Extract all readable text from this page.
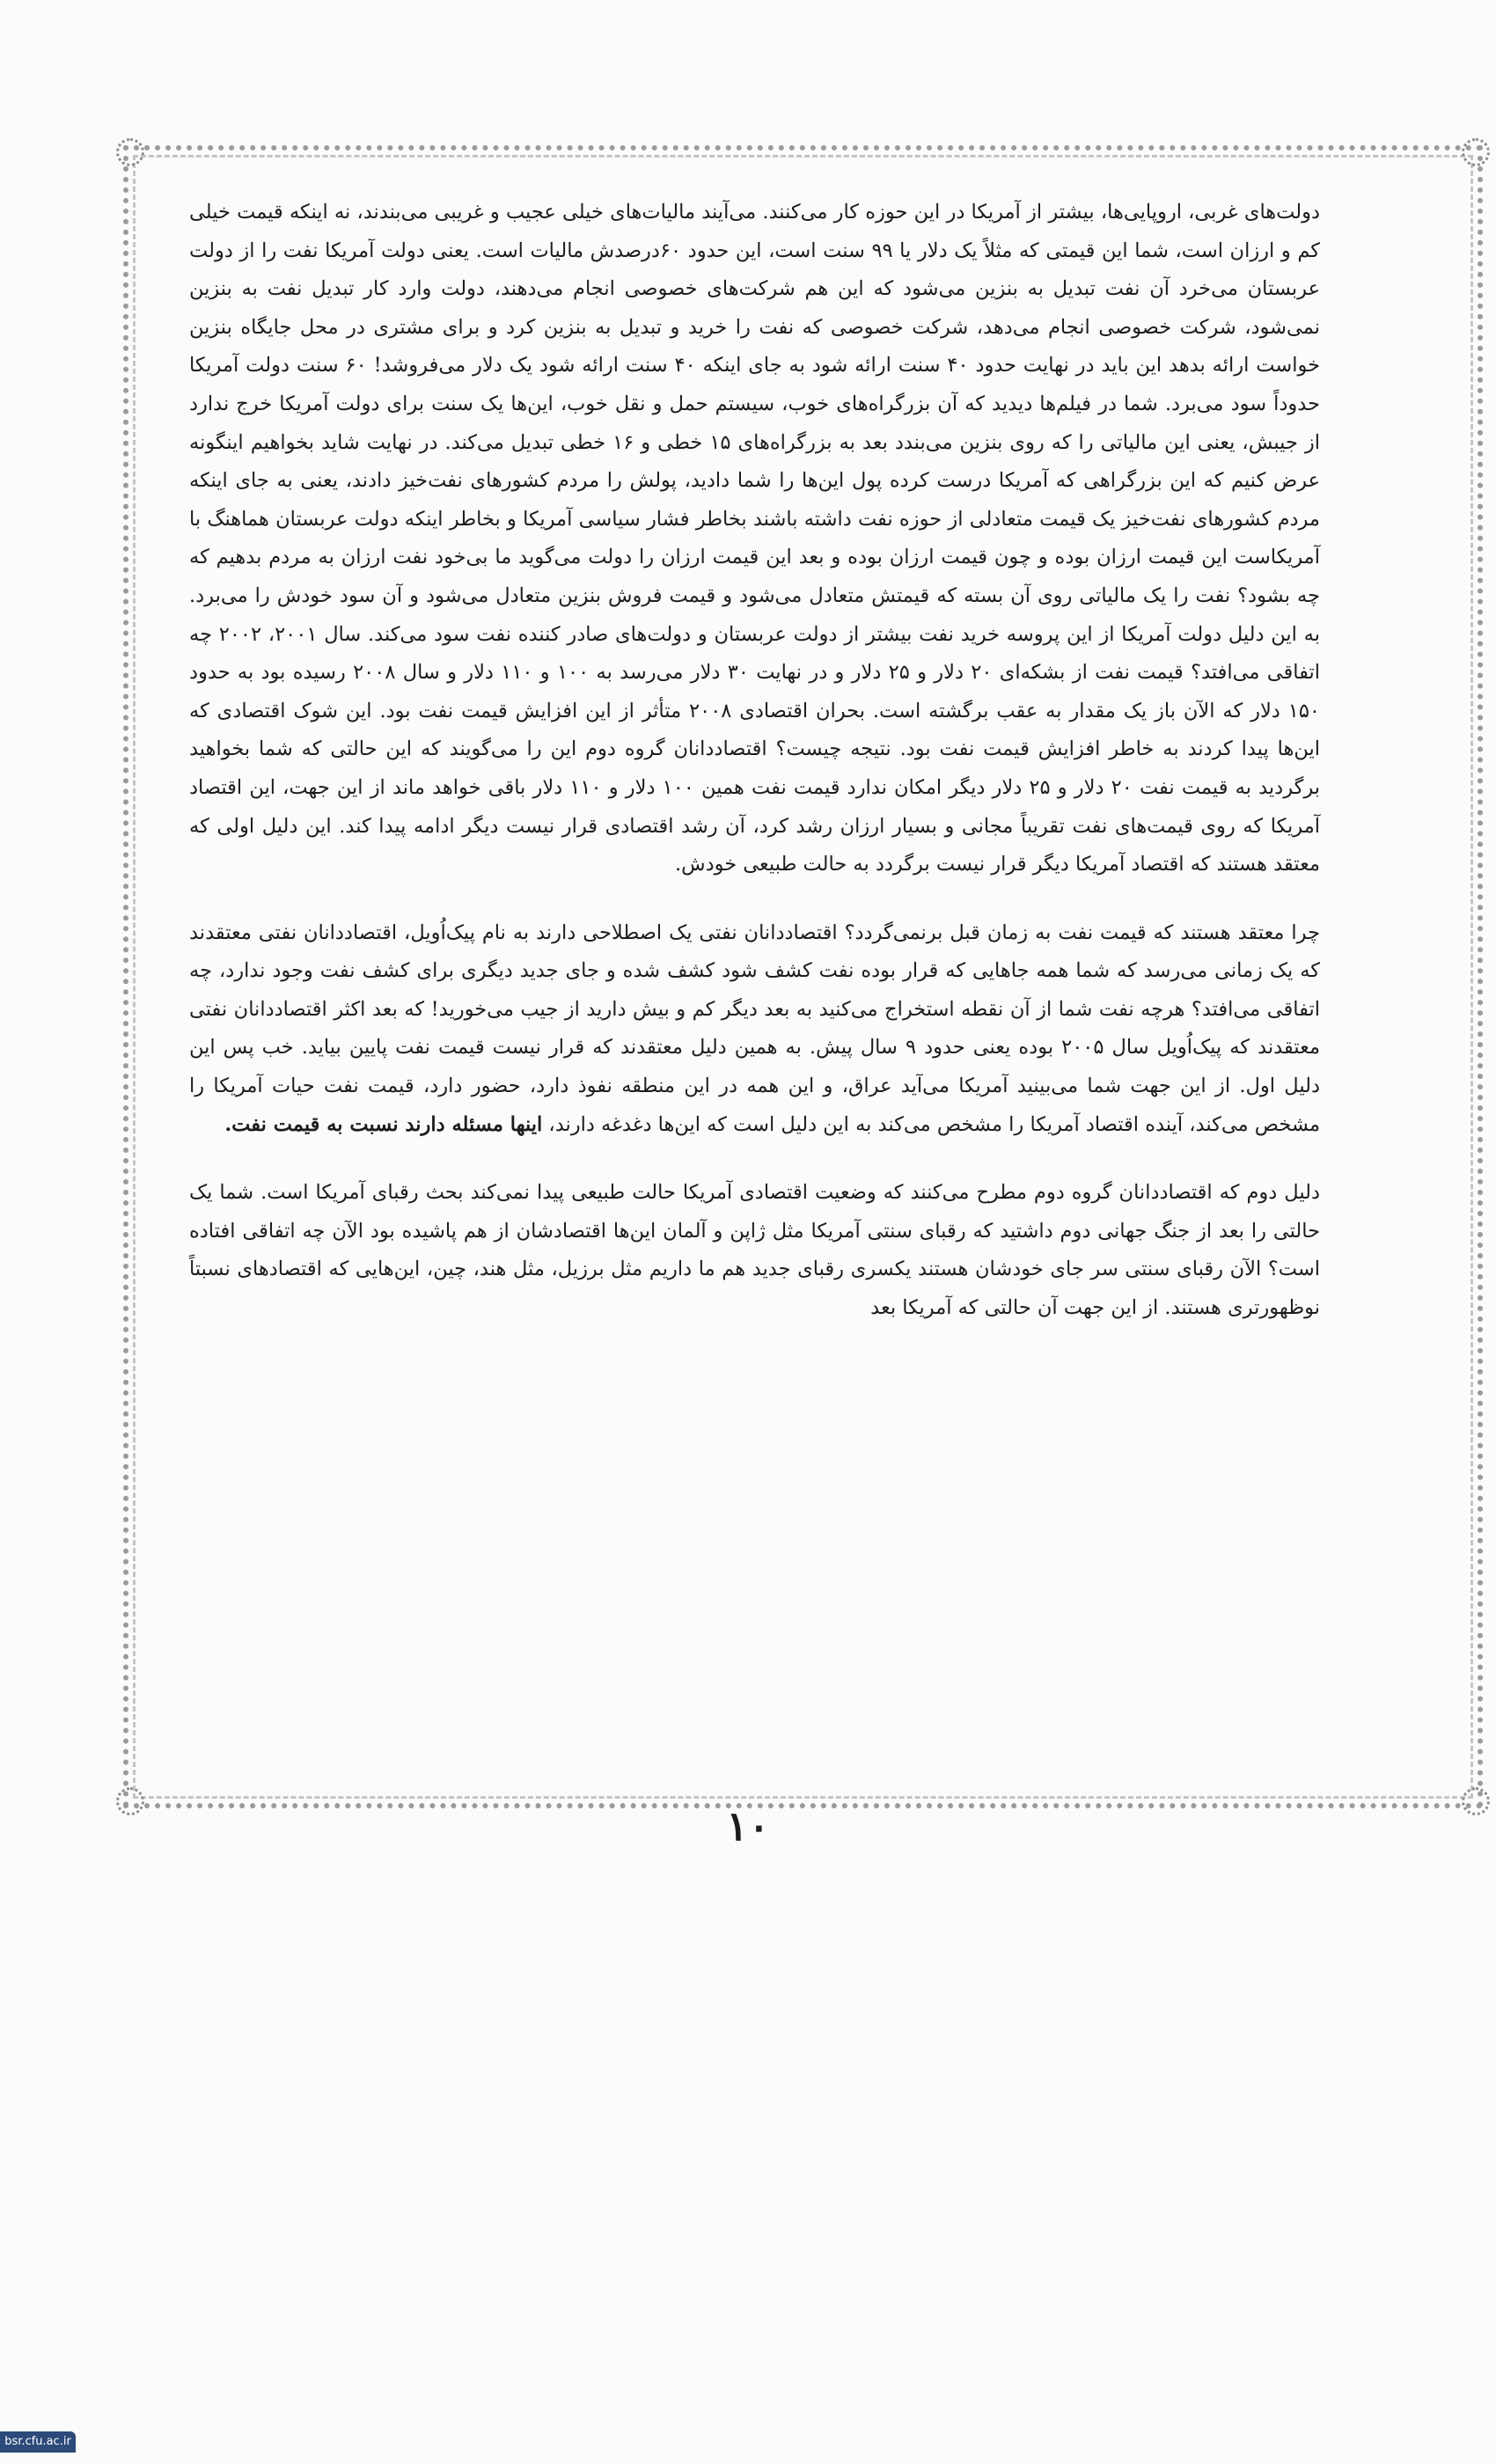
دولت‌های غربی، اروپایی‌ها، بیشتر از آمریکا در این حوزه کار می‌کنند. می‌آیند مالیات‌های خیلی عجیب و غریبی می‌بندند، نه اینکه قیمت خیلی کم و ارزان است، شما این قیمتی که مثلاً یک دلار یا ۹۹ سنت است، این حدود ۶۰درصدش مالیات است. یعنی دولت آمریکا نفت را از دولت عربستان می‌خرد آن نفت تبدیل به بنزین می‌شود که این هم شرکت‌های خصوصی انجام می‌دهند، دولت وارد کار تبدیل نفت به بنزین نمی‌شود، شرکت خصوصی انجام می‌دهد، شرکت خصوصی که نفت را خرید و تبدیل به بنزین کرد و برای مشتری در محل جایگاه بنزین خواست ارائه بدهد این باید در نهایت حدود ۴۰ سنت ارائه شود به جای اینکه ۴۰ سنت ارائه شود یک دلار می‌فروشد! ۶۰ سنت دولت آمریکا حدوداً سود می‌برد. شما در فیلم‌ها دیدید که آن بزرگراه‌های خوب، سیستم حمل و نقل خوب، این‌ها یک سنت برای دولت آمریکا خرج ندارد از جیبش، یعنی این مالیاتی را که روی بنزین می‌بندد بعد به بزرگراه‌های ۱۵ خطی و ۱۶ خطی تبدیل می‌کند. در نهایت شاید بخواهیم اینگونه عرض کنیم که این بزرگراهی که آمریکا درست کرده پول این‌ها را شما دادید، پولش را مردم کشورهای نفت‌خیز دادند، یعنی به جای اینکه مردم کشورهای نفت‌خیز یک قیمت متعادلی از حوزه نفت داشته باشند بخاطر فشار سیاسی آمریکا و بخاطر اینکه دولت عربستان هماهنگ با آمریکاست این قیمت ارزان بوده و چون قیمت ارزان بوده و بعد این قیمت ارزان را دولت می‌گوید ما بی‌خود نفت ارزان به مردم بدهیم که چه بشود؟ نفت را یک مالیاتی روی آن بسته که قیمتش متعادل می‌شود و قیمت فروش بنزین متعادل می‌شود و آن سود خودش را می‌برد. به این دلیل دولت آمریکا از این پروسه خرید نفت بیشتر از دولت عربستان و دولت‌های صادر کننده نفت سود می‌کند. سال ۲۰۰۱، ۲۰۰۲ چه اتفاقی می‌افتد؟ قیمت نفت از بشکه‌ای ۲۰ دلار و ۲۵ دلار و در نهایت ۳۰ دلار می‌رسد به ۱۰۰ و ۱۱۰ دلار و سال ۲۰۰۸ رسیده بود به حدود ۱۵۰ دلار که الآن باز یک مقدار به عقب برگشته است. بحران اقتصادی ۲۰۰۸ متأثر از این افزایش قیمت نفت بود. این شوک اقتصادی که این‌ها پیدا کردند به خاطر افزایش قیمت نفت بود. نتیجه چیست؟ اقتصاددانان گروه دوم این را می‌گویند که این حالتی که شما بخواهید برگردید به قیمت نفت ۲۰ دلار و ۲۵ دلار دیگر امکان ندارد قیمت نفت همین ۱۰۰ دلار و ۱۱۰ دلار باقی خواهد ماند از این جهت، این اقتصاد آمریکا که روی قیمت‌های نفت تقریباً مجانی و بسیار ارزان رشد کرد، آن رشد اقتصادی قرار نیست دیگر ادامه پیدا کند. این دلیل اولی که معتقد هستند که اقتصاد آمریکا دیگر قرار نیست برگردد به حالت طبیعی خودش.

چرا معتقد هستند که قیمت نفت به زمان قبل برنمی‌گردد؟ اقتصاددانان نفتی یک اصطلاحی دارند به نام پیک‌اُویل، اقتصاددانان نفتی معتقدند که یک زمانی می‌رسد که شما همه جاهایی که قرار بوده نفت کشف شود کشف شده و جای جدید دیگری برای کشف نفت وجود ندارد، چه اتفاقی می‌افتد؟ هرچه نفت شما از آن نقطه استخراج می‌کنید به بعد دیگر کم و بیش دارید از جیب می‌خورید! که بعد اکثر اقتصاددانان نفتی معتقدند که پیک‌اُویل سال ۲۰۰۵ بوده یعنی حدود ۹ سال پیش. به همین دلیل معتقدند که قرار نیست قیمت نفت پایین بیاید. خب پس این دلیل اول. از این جهت شما می‌بینید آمریکا می‌آید عراق، و این همه در این منطقه نفوذ دارد، حضور دارد، قیمت نفت حیات آمریکا را مشخص می‌کند، آینده اقتصاد آمریکا را مشخص می‌کند به این دلیل است که این‌ها دغدغه دارند، اینها مسئله دارند نسبت به قیمت نفت.

دلیل دوم که اقتصاددانان گروه دوم مطرح می‌کنند که وضعیت اقتصادی آمریکا حالت طبیعی پیدا نمی‌کند بحث رقبای آمریکا است. شما یک حالتی را بعد از جنگ جهانی دوم داشتید که رقبای سنتی آمریکا مثل ژاپن و آلمان این‌ها اقتصادشان از هم پاشیده بود الآن چه اتفاقی افتاده است؟ الآن رقبای سنتی سر جای خودشان هستند یکسری رقبای جدید هم ما داریم مثل برزیل، مثل هند، چین، این‌هایی که اقتصادهای نسبتاً نوظهورتری هستند. از این جهت آن حالتی که آمریکا بعد

۱۰
bsr.cfu.ac.ir
